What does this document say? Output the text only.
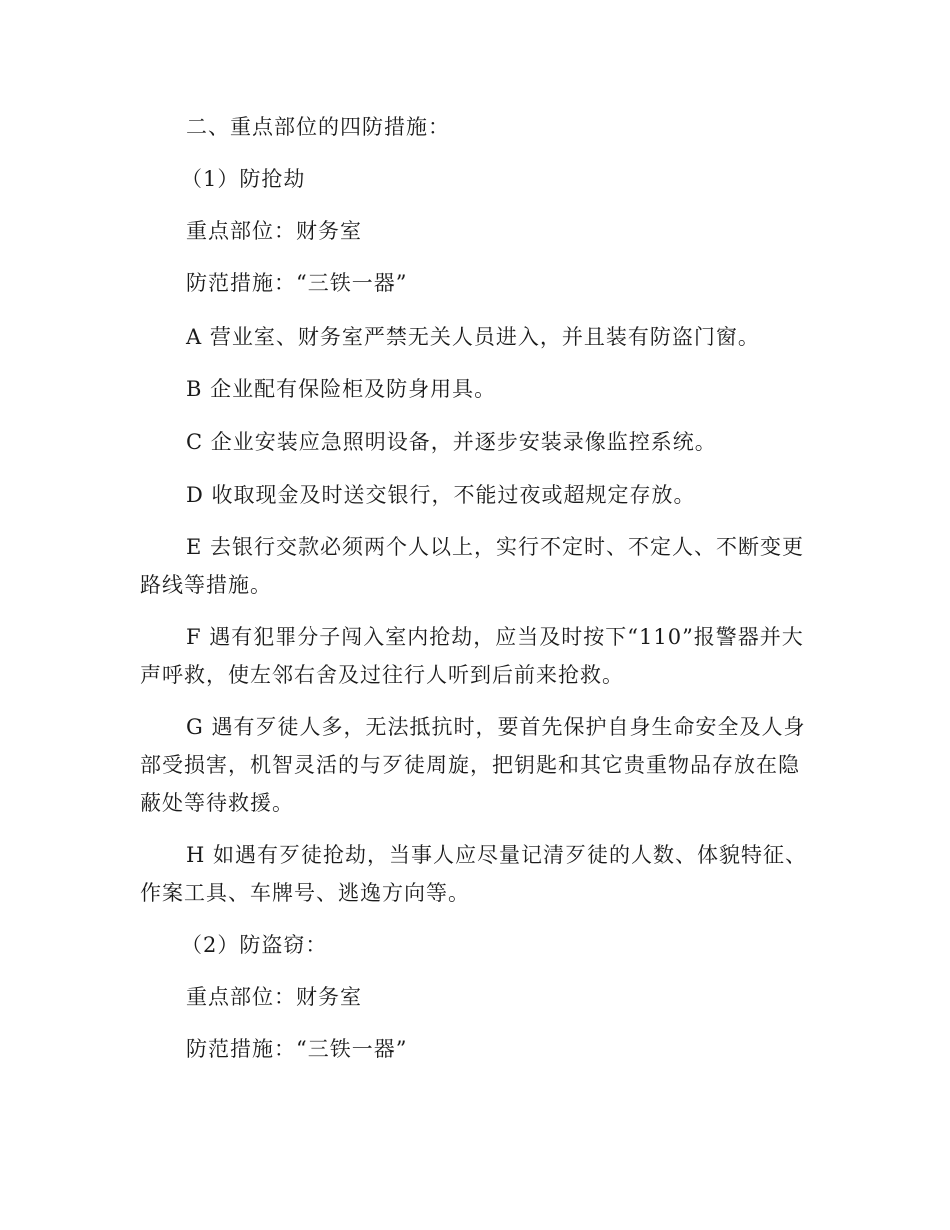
二、重点部位的四防措施：
（1）防抢劫
重点部位：财务室
防范措施：“三铁一器”
A 营业室、财务室严禁无关人员进入，并且装有防盗门窗。
B 企业配有保险柜及防身用具。
C 企业安装应急照明设备，并逐步安装录像监控系统。
D 收取现金及时送交银行，不能过夜或超规定存放。
E 去银行交款必须两个人以上，实行不定时、不定人、不断变更
路线等措施。
F 遇有犯罪分子闯入室内抢劫，应当及时按下“110”报警器并大
声呼救，使左邻右舍及过往行人听到后前来抢救。
G 遇有歹徒人多，无法抵抗时，要首先保护自身生命安全及人身
部受损害，机智灵活的与歹徒周旋，把钥匙和其它贵重物品存放在隐
蔽处等待救援。
H 如遇有歹徒抢劫，当事人应尽量记清歹徒的人数、体貌特征、
作案工具、车牌号、逃逸方向等。
（2）防盗窃：
重点部位：财务室
防范措施：“三铁一器”
